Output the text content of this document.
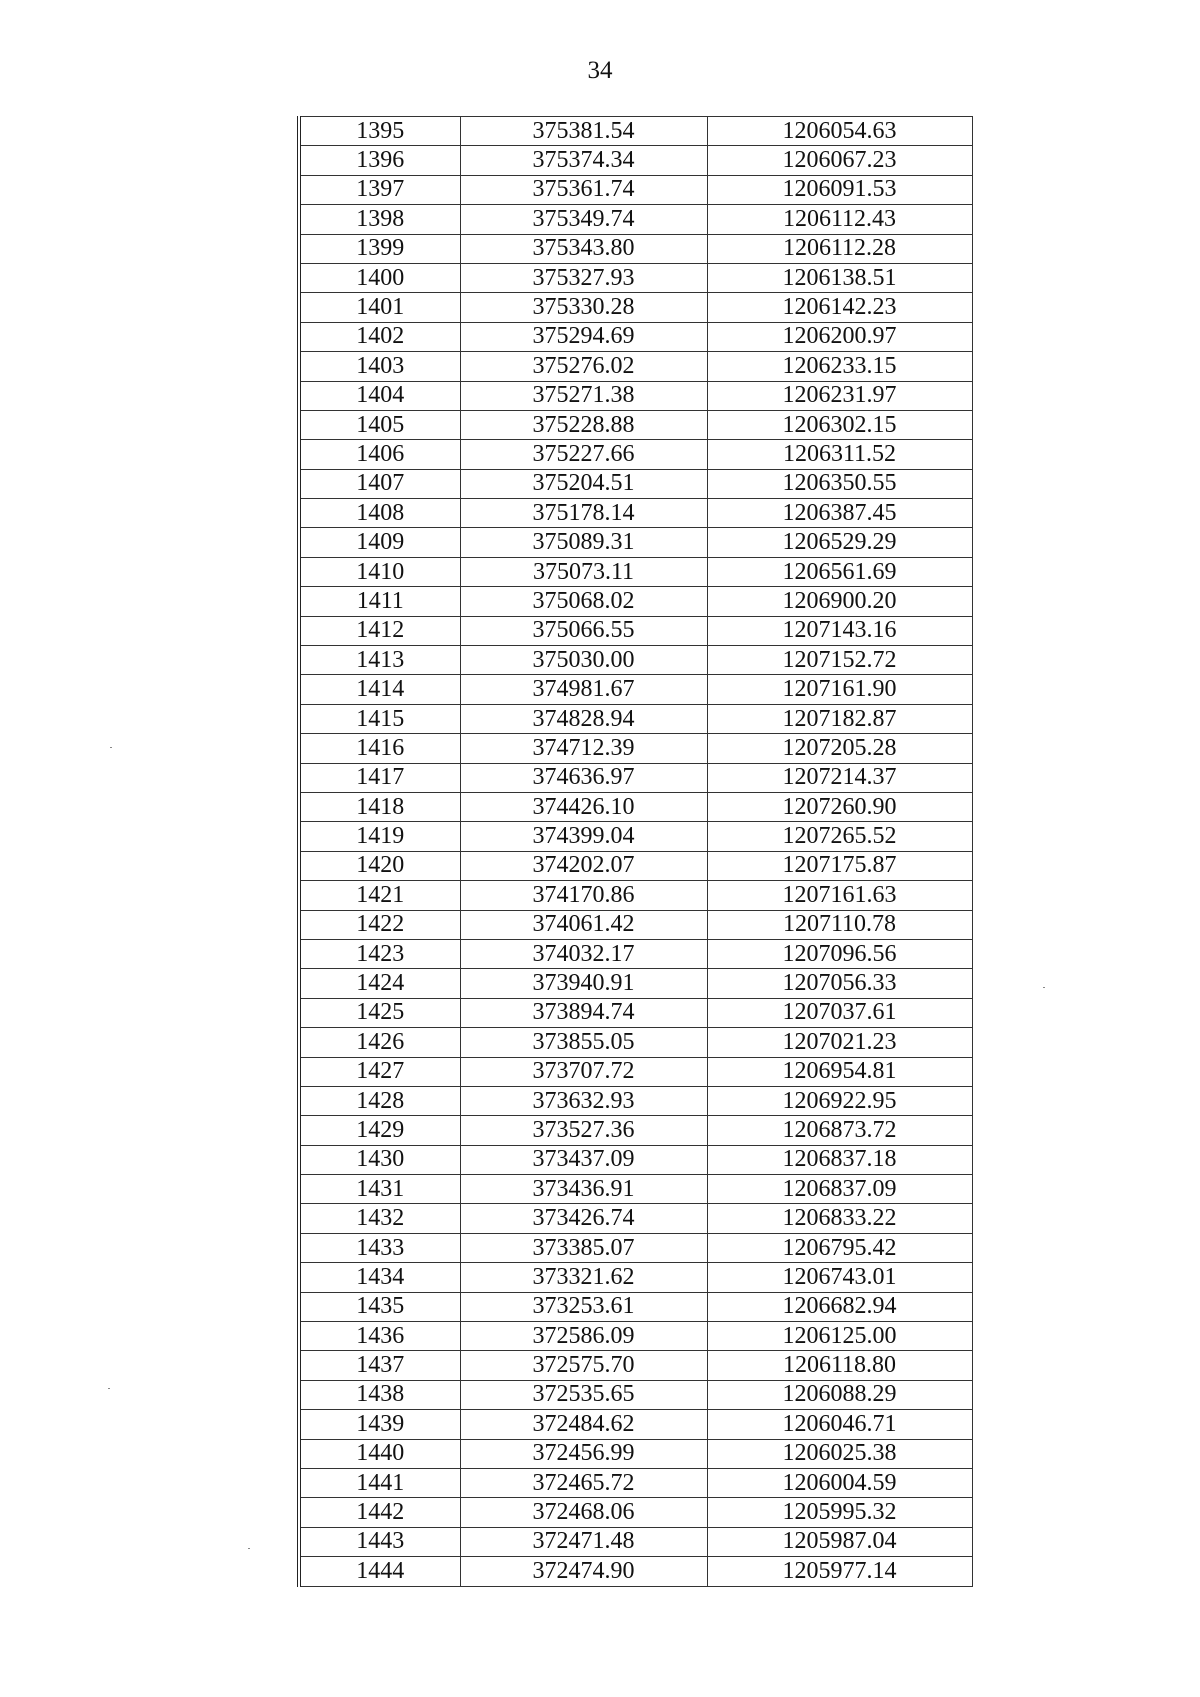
34
1395	375381.54	1206054.63
1396	375374.34	1206067.23
1397	375361.74	1206091.53
1398	375349.74	1206112.43
1399	375343.80	1206112.28
1400	375327.93	1206138.51
1401	375330.28	1206142.23
1402	375294.69	1206200.97
1403	375276.02	1206233.15
1404	375271.38	1206231.97
1405	375228.88	1206302.15
1406	375227.66	1206311.52
1407	375204.51	1206350.55
1408	375178.14	1206387.45
1409	375089.31	1206529.29
1410	375073.11	1206561.69
1411	375068.02	1206900.20
1412	375066.55	1207143.16
1413	375030.00	1207152.72
1414	374981.67	1207161.90
1415	374828.94	1207182.87
1416	374712.39	1207205.28
1417	374636.97	1207214.37
1418	374426.10	1207260.90
1419	374399.04	1207265.52
1420	374202.07	1207175.87
1421	374170.86	1207161.63
1422	374061.42	1207110.78
1423	374032.17	1207096.56
1424	373940.91	1207056.33
1425	373894.74	1207037.61
1426	373855.05	1207021.23
1427	373707.72	1206954.81
1428	373632.93	1206922.95
1429	373527.36	1206873.72
1430	373437.09	1206837.18
1431	373436.91	1206837.09
1432	373426.74	1206833.22
1433	373385.07	1206795.42
1434	373321.62	1206743.01
1435	373253.61	1206682.94
1436	372586.09	1206125.00
1437	372575.70	1206118.80
1438	372535.65	1206088.29
1439	372484.62	1206046.71
1440	372456.99	1206025.38
1441	372465.72	1206004.59
1442	372468.06	1205995.32
1443	372471.48	1205987.04
1444	372474.90	1205977.14
